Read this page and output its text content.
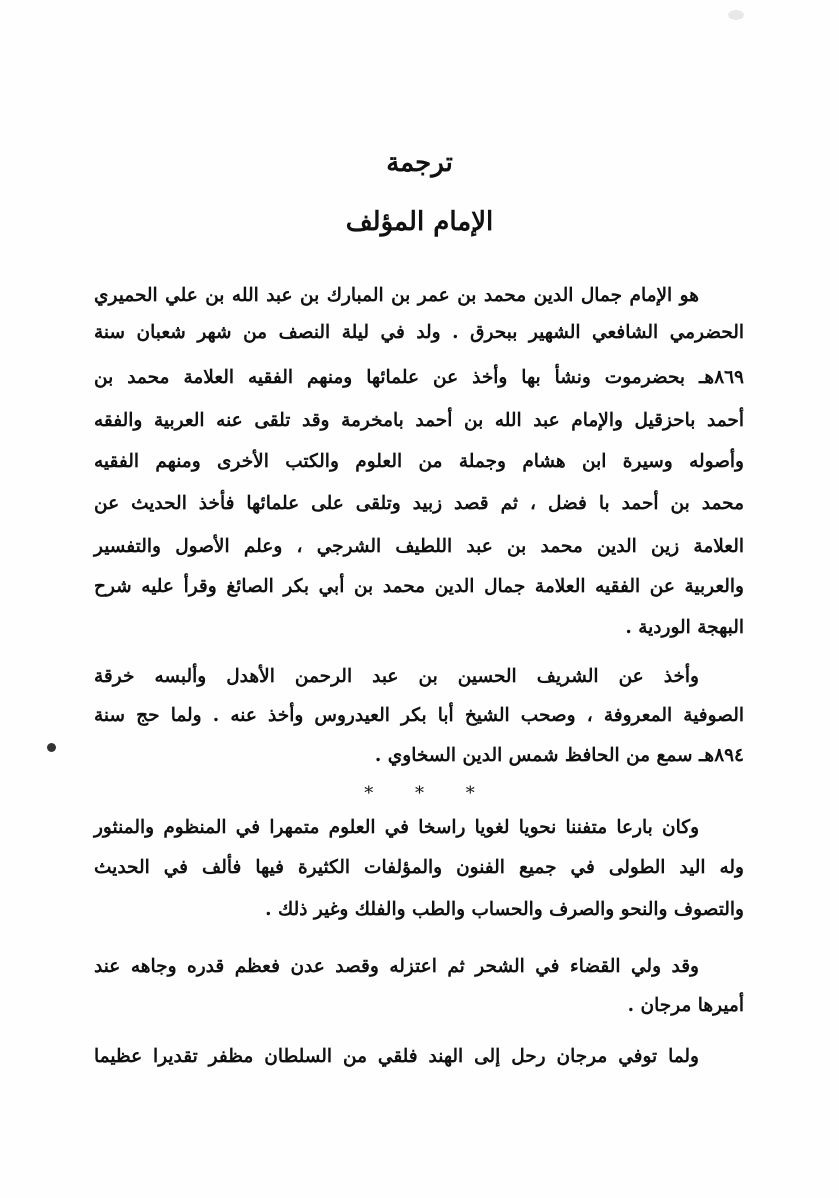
ترجمة
الإمام المؤلف
هو الإمام جمال الدين محمد بن عمر بن المبارك بن عبد الله بن علي الحميري
الحضرمي الشافعي الشهير ببحرق . ولد في ليلة النصف من شهر شعبان سنة
٨٦٩هـ بحضرموت ونشأ بها وأخذ عن علمائها ومنهم الفقيه العلامة محمد بن
أحمد باحزقيل والإمام عبد الله بن أحمد بامخرمة وقد تلقى عنه العربية والفقه
وأصوله وسيرة ابن هشام وجملة من العلوم والكتب الأخرى ومنهم الفقيه
محمد بن أحمد با فضل ، ثم قصد زبيد وتلقى على علمائها فأخذ الحديث عن
العلامة زين الدين محمد بن عبد اللطيف الشرجي ، وعلم الأصول والتفسير
والعربية عن الفقيه العلامة جمال الدين محمد بن أبي بكر الصائغ وقرأ عليه شرح
البهجة الوردية .
وأخذ عن الشريف الحسين بن عبد الرحمن الأهدل وألبسه خرقة
الصوفية المعروفة ، وصحب الشيخ أبا بكر العيدروس وأخذ عنه . ولما حج سنة
٨٩٤هـ سمع من الحافظ شمس الدين السخاوي .
* * *
وكان بارعا متفننا نحويا لغويا راسخا في العلوم متمهرا في المنظوم والمنثور
وله اليد الطولى في جميع الفنون والمؤلفات الكثيرة فيها فألف في الحديث
والتصوف والنحو والصرف والحساب والطب والفلك وغير ذلك .
وقد ولي القضاء في الشحر ثم اعتزله وقصد عدن فعظم قدره وجاهه عند
أميرها مرجان .
ولما توفي مرجان رحل إلى الهند فلقي من السلطان مظفر تقديرا عظيما
